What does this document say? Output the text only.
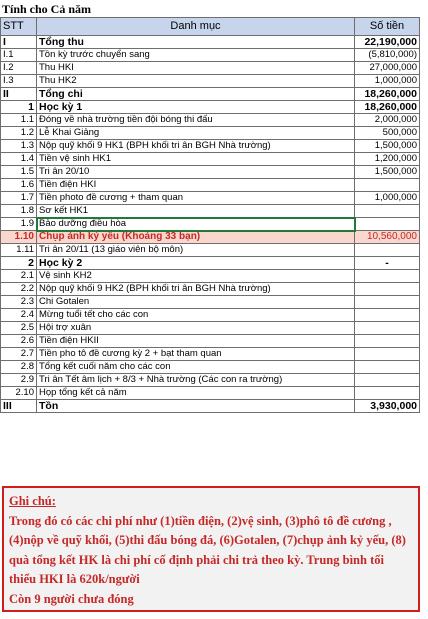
Tính cho Cả năm
STT	Danh mục	Số tiền
I	Tổng thu	22,190,000
I.1	Tồn kỳ trước chuyển sang	(5,810,000)
I.2	Thu HKI	27,000,000
I.3	Thu HK2	1,000,000
II	Tổng chi	18,260,000
1	Học kỳ 1	18,260,000
1.1	Đóng về nhà trường tiền đội bóng thi đấu	2,000,000
1.2	Lễ Khai Giảng	500,000
1.3	Nộp quỹ khối 9 HK1 (BPH khối tri ân BGH Nhà trường)	1,500,000
1.4	Tiền vệ sinh HK1	1,200,000
1.5	Tri ân 20/10	1,500,000
1.6	Tiền điện HKI	
1.7	Tiền photo đề cương + tham quan	1,000,000
1.8	Sơ kết HK1	
1.9	Bảo dưỡng điều hòa	
1.10	Chụp ảnh kỷ yếu (Khoảng 33 bạn)	10,560,000
1.11	Tri ân 20/11 (13 giáo viên bộ môn)	
2	Học kỳ 2	-
2.1	Vệ sinh KH2	
2.2	Nộp quỹ khối 9 HK2 (BPH khối tri ân BGH Nhà trường)	
2.3	Chi Gotalen	
2.4	Mừng tuổi tết cho các con	
2.5	Hội trợ xuân	
2.6	Tiền điện HKII	
2.7	Tiền pho tô đề cương kỳ 2 + bạt tham quan	
2.8	Tổng kết cuối năm cho các con	
2.9	Tri ân Tết âm lịch + 8/3 + Nhà trường (Các con ra trường)	
2.10	Họp tổng kết cả năm	
III	Tồn	3,930,000
Ghi chú:
Trong đó có các chi phí như (1)tiền điện, (2)vệ sinh, (3)phô tô đề cương , (4)nộp về quỹ khối, (5)thi đấu bóng đá, (6)Gotalen, (7)chụp ảnh kỷ yếu, (8) quà tổng kết HK là chi phí cố định phải chi trả theo kỳ. Trung bình tối thiểu HKI là 620k/người
Còn 9 người chưa đóng
